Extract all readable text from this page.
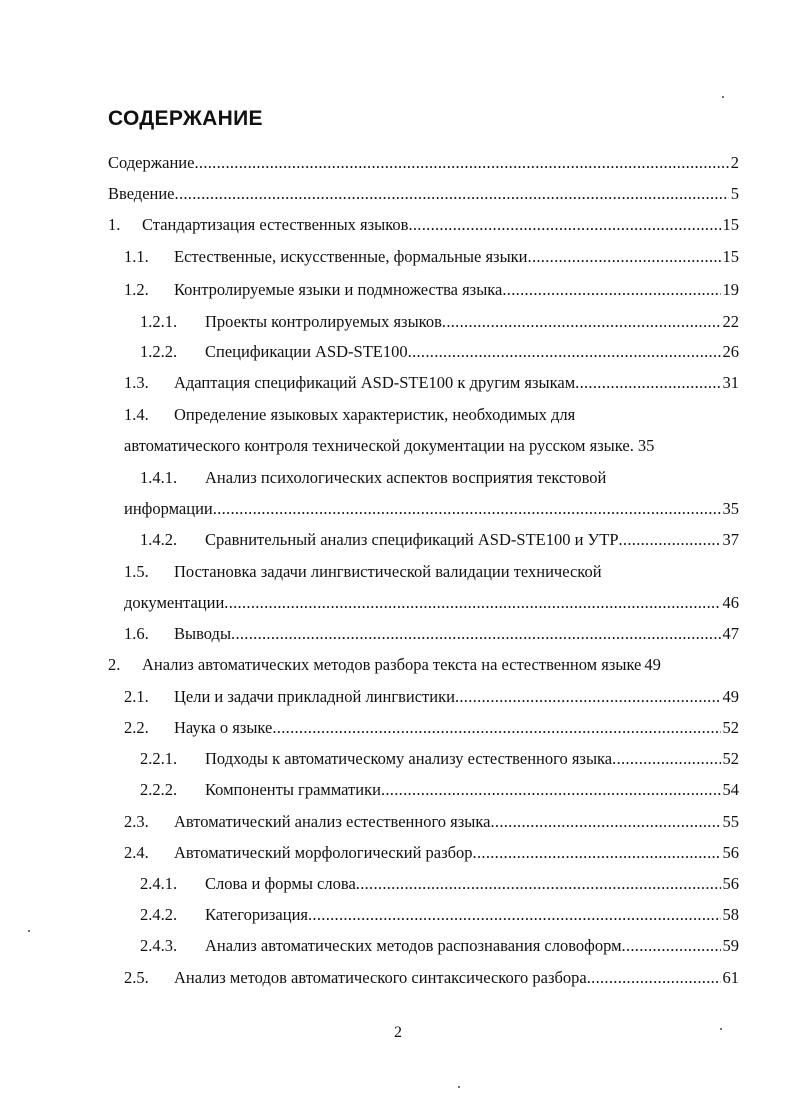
СОДЕРЖАНИЕ
Содержание .....	2
Введение .....	5
1.	Стандартизация естественных языков .....	15
1.1.	Естественные, искусственные, формальные языки .....	15
1.2.	Контролируемые языки и подмножества языка .....	19
1.2.1.	Проекты контролируемых языков .....	22
1.2.2.	Спецификации ASD-STE100 .....	26
1.3.	Адаптация спецификаций ASD-STE100 к другим языкам .....	31
1.4.	Определение языковых характеристик, необходимых для
автоматического контроля технической документации на русском языке. 35
1.4.1.	Анализ психологических аспектов восприятия текстовой
информации .....	35
1.4.2.	Сравнительный анализ спецификаций ASD-STE100 и УТР .....	37
1.5.	Постановка задачи лингвистической валидации технической
документации .....	46
1.6.	Выводы .....	47
2.	Анализ автоматических методов разбора текста на естественном языке 49
2.1.	Цели и задачи прикладной лингвистики .....	49
2.2.	Наука о языке .....	52
2.2.1.	Подходы к автоматическому анализу естественного языка .....	52
2.2.2.	Компоненты грамматики .....	54
2.3.	Автоматический анализ естественного языка .....	55
2.4.	Автоматический морфологический разбор .....	56
2.4.1.	Слова и формы слова .....	56
2.4.2.	Категоризация .....	58
2.4.3.	Анализ автоматических методов распознавания словоформ .....	59
2.5.	Анализ методов автоматического синтаксического разбора .....	61
2
